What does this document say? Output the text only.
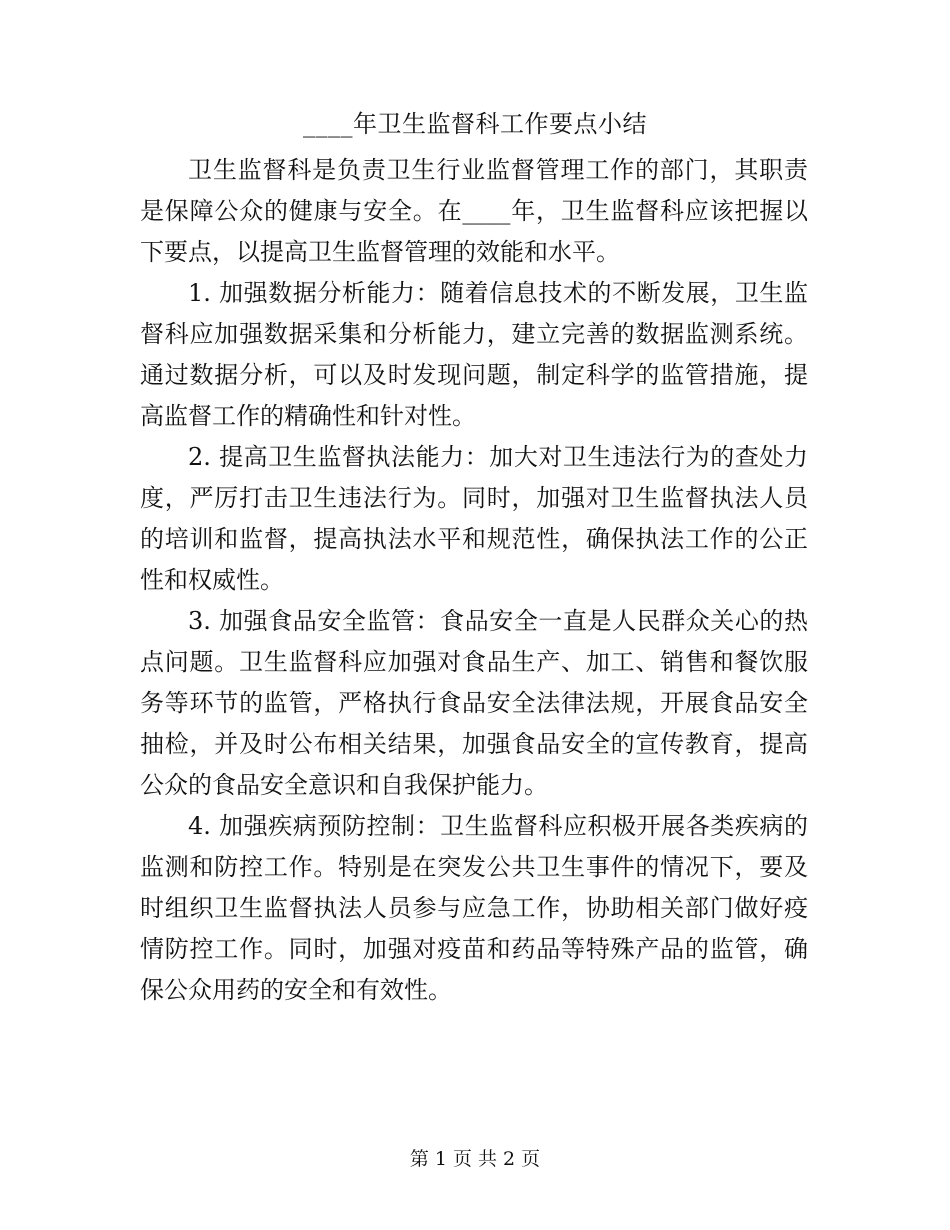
____年卫生监督科工作要点小结

卫生监督科是负责卫生行业监督管理工作的部门，其职责是保障公众的健康与安全。在____年，卫生监督科应该把握以下要点，以提高卫生监督管理的效能和水平。

1. 加强数据分析能力：随着信息技术的不断发展，卫生监督科应加强数据采集和分析能力，建立完善的数据监测系统。通过数据分析，可以及时发现问题，制定科学的监管措施，提高监督工作的精确性和针对性。

2. 提高卫生监督执法能力：加大对卫生违法行为的查处力度，严厉打击卫生违法行为。同时，加强对卫生监督执法人员的培训和监督，提高执法水平和规范性，确保执法工作的公正性和权威性。

3. 加强食品安全监管：食品安全一直是人民群众关心的热点问题。卫生监督科应加强对食品生产、加工、销售和餐饮服务等环节的监管，严格执行食品安全法律法规，开展食品安全抽检，并及时公布相关结果，加强食品安全的宣传教育，提高公众的食品安全意识和自我保护能力。

4. 加强疾病预防控制：卫生监督科应积极开展各类疾病的监测和防控工作。特别是在突发公共卫生事件的情况下，要及时组织卫生监督执法人员参与应急工作，协助相关部门做好疫情防控工作。同时，加强对疫苗和药品等特殊产品的监管，确保公众用药的安全和有效性。

第 1 页 共 2 页
